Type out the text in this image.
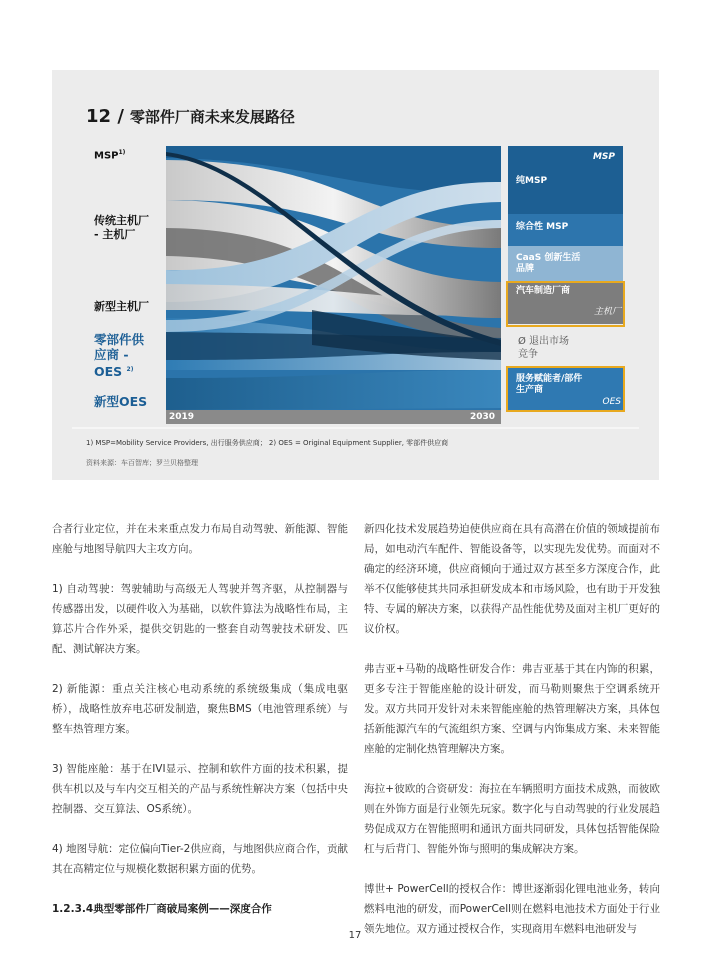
12 / 零部件厂商未来发展路径
MSP$^{1)}$
传统主机厂
- 主机厂
新型主机厂
零部件供
应商 -
OES $^{2)}$
新型OES
2019	2030
MSP
纯MSP
综合性 MSP
CaaS 创新生活
品牌
汽车制造厂商
主机厂
Ø 退出市场
竞争
服务赋能者/部件
生产商
OES
1) MSP=Mobility Service Providers, 出行服务供应商； 2) OES = Original Equipment Supplier, 零部件供应商
资料来源：车百智库；罗兰贝格整理

合者行业定位，并在未来重点发力布局自动驾驶、新能源、智能座舱与地图导航四大主攻方向。

1) 自动驾驶：驾驶辅助与高级无人驾驶并驾齐驱，从控制器与传感器出发，以硬件收入为基础，以软件算法为战略性布局，主算芯片合作外采，提供交钥匙的一整套自动驾驶技术研发、匹配、测试解决方案。

2) 新能源：重点关注核心电动系统的系统级集成（集成电驱桥），战略性放弃电芯研发制造，聚焦BMS（电池管理系统）与整车热管理方案。

3) 智能座舱：基于在IVI显示、控制和软件方面的技术积累，提供车机以及与车内交互相关的产品与系统性解决方案（包括中央控制器、交互算法、OS系统）。

4) 地图导航：定位偏向Tier-2供应商，与地图供应商合作，贡献其在高精定位与规模化数据积累方面的优势。

1.2.3.4典型零部件厂商破局案例——深度合作

新四化技术发展趋势迫使供应商在具有高潜在价值的领域提前布局，如电动汽车配件、智能设备等，以实现先发优势。而面对不确定的经济环境，供应商倾向于通过双方甚至多方深度合作，此举不仅能够使其共同承担研发成本和市场风险，也有助于开发独特、专属的解决方案，以获得产品性能优势及面对主机厂更好的议价权。

弗吉亚+马勒的战略性研发合作：弗吉亚基于其在内饰的积累，更多专注于智能座舱的设计研发，而马勒则聚焦于空调系统开发。双方共同开发针对未来智能座舱的热管理解决方案，具体包括新能源汽车的气流组织方案、空调与内饰集成方案、未来智能座舱的定制化热管理解决方案。

海拉+彼欧的合资研发：海拉在车辆照明方面技术成熟，而彼欧则在外饰方面是行业领先玩家。数字化与自动驾驶的行业发展趋势促成双方在智能照明和通讯方面共同研发，具体包括智能保险杠与后背门、智能外饰与照明的集成解决方案。

博世+ PowerCell的授权合作：博世逐渐弱化锂电池业务，转向燃料电池的研发，而PowerCell则在燃料电池技术方面处于行业领先地位。双方通过授权合作，实现商用车燃料电池研发与

17
